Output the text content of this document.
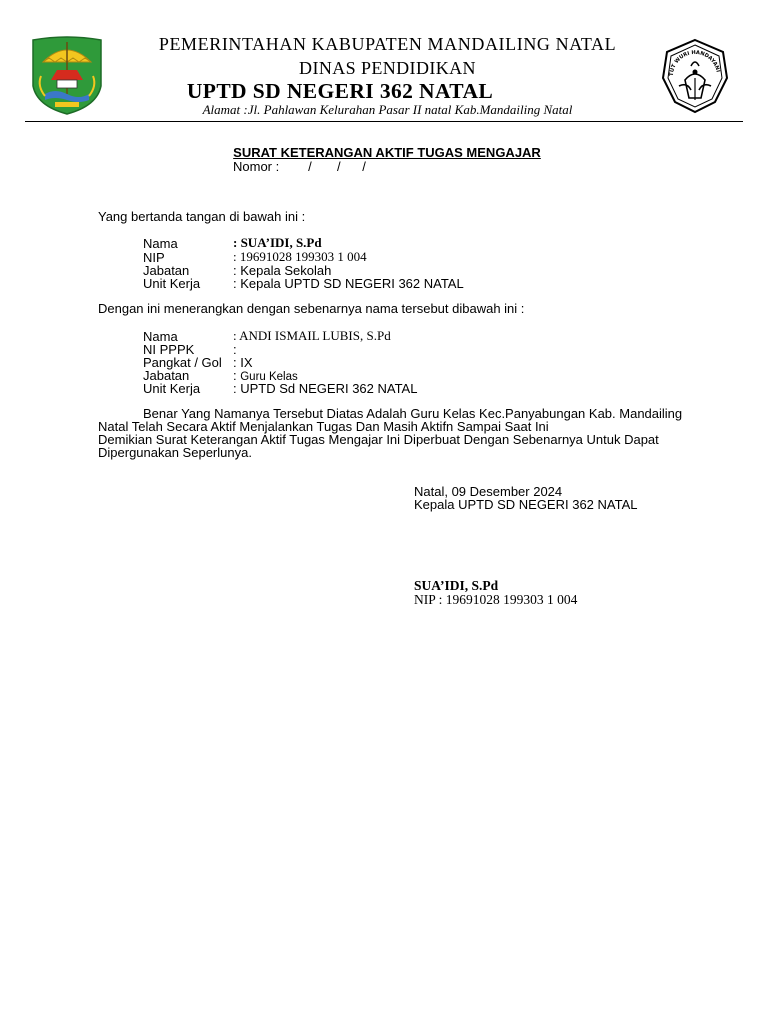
PEMERINTAHAN KABUPATEN MANDAILING NATAL
DINAS PENDIDIKAN
UPTD SD NEGERI 362 NATAL
Alamat :Jl. Pahlawan Kelurahan Pasar II natal Kab.Mandailing Natal
TUT WURI HANDAYANI
SURAT KETERANGAN AKTIF TUGAS MENGAJAR
Nomor :        /       /      /
Yang bertanda tangan di bawah ini :
Nama	: SUA’IDI, S.Pd
NIP	: 19691028 199303 1 004
Jabatan	: Kepala Sekolah
Unit Kerja	: Kepala UPTD SD NEGERI 362 NATAL
Dengan ini menerangkan dengan sebenarnya nama tersebut dibawah ini :
Nama	: ANDI ISMAIL LUBIS, S.Pd
NI PPPK	:
Pangkat / Gol : IX
Jabatan	: Guru Kelas
Unit Kerja	: UPTD Sd NEGERI 362 NATAL
Benar Yang Namanya Tersebut Diatas Adalah Guru Kelas Kec.Panyabungan Kab. Mandailing
Natal Telah Secara Aktif Menjalankan Tugas Dan Masih Aktifn Sampai Saat Ini
Demikian Surat Keterangan Aktif Tugas Mengajar Ini Diperbuat Dengan Sebenarnya Untuk Dapat
Dipergunakan Seperlunya.
Natal, 09 Desember 2024
Kepala UPTD SD NEGERI 362 NATAL
SUA’IDI, S.Pd
NIP : 19691028 199303 1 004
